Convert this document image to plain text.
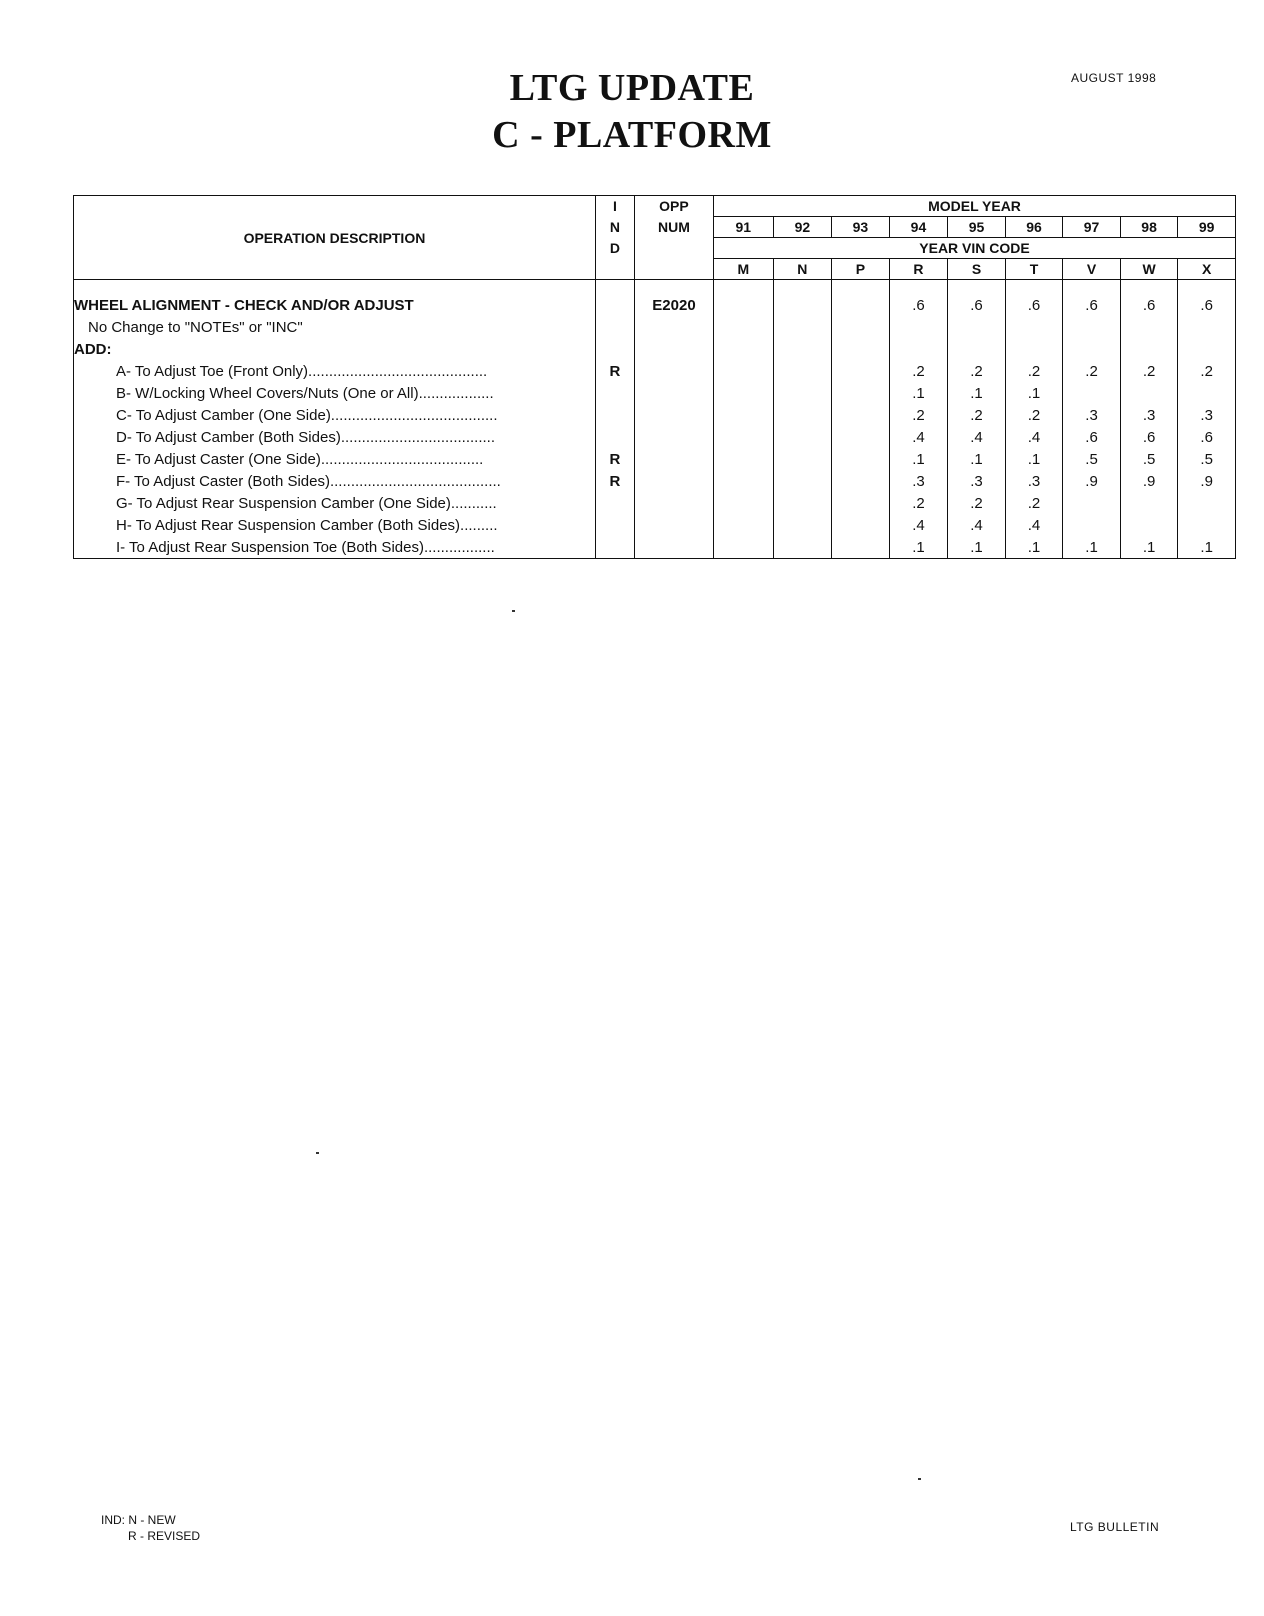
LTG UPDATE
C - PLATFORM
AUGUST 1998
OPERATION DESCRIPTION	I	OPP	MODEL YEAR								
	N	NUM	91	92	93	94	95	96	97	98	99
	D		YEAR VIN CODE								
			M	N	P	R	S	T	V	W	X

WHEEL ALIGNMENT - CHECK AND/OR ADJUST		E2020				.6	.6	.6	.6	.6	.6
No Change to "NOTEs" or "INC"											
ADD:											
A- To Adjust Toe (Front Only)...........................................	R					.2	.2	.2	.2	.2	.2
B- W/Locking Wheel Covers/Nuts (One or All)..................						.1	.1	.1			
C- To Adjust Camber (One Side)........................................						.2	.2	.2	.3	.3	.3
D- To Adjust Camber (Both Sides).....................................						.4	.4	.4	.6	.6	.6
E- To Adjust Caster (One Side).......................................	R					.1	.1	.1	.5	.5	.5
F- To Adjust Caster (Both Sides).........................................	R					.3	.3	.3	.9	.9	.9
G- To Adjust Rear Suspension Camber (One Side)...........						.2	.2	.2			
H- To Adjust Rear Suspension Camber (Both Sides).........						.4	.4	.4			
I- To Adjust Rear Suspension Toe (Both Sides).................						.1	.1	.1	.1	.1	.1
IND: N - NEW
R - REVISED
LTG BULLETIN
